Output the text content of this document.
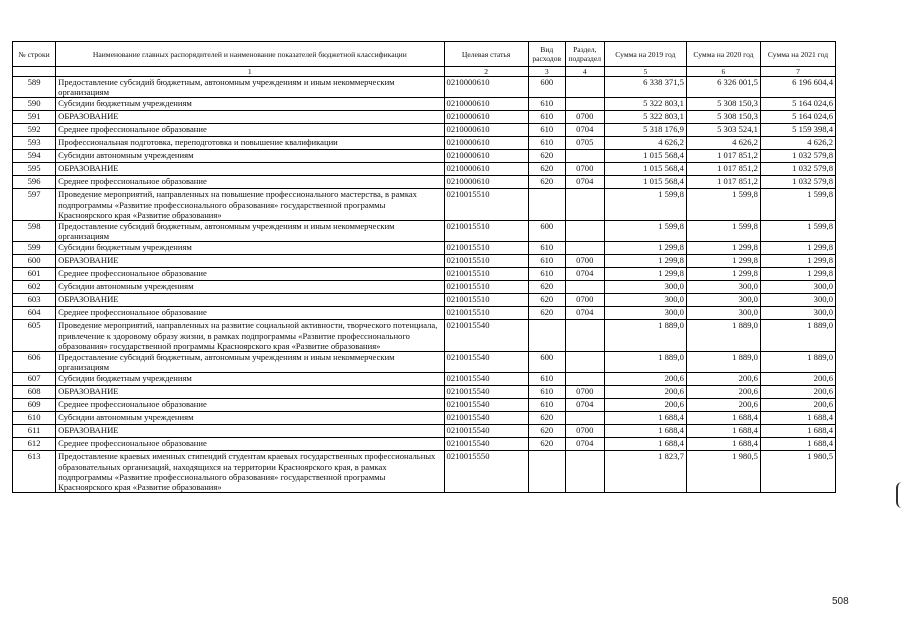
№ строки	Наименование главных распорядителей и наименование показателей бюджетной классификации	Целевая статья	Вид расходов	Раздел, подраздел	Сумма на 2019 год	Сумма на 2020 год	Сумма на 2021 год
	1	2	3	4	5	6	7
589	Предоставление субсидий бюджетным, автономным учреждениям и иным некоммерческим организациям	0210000610	600		6 338 371,5	6 326 001,5	6 196 604,4
590	Субсидии бюджетным учреждениям	0210000610	610		5 322 803,1	5 308 150,3	5 164 024,6
591	ОБРАЗОВАНИЕ	0210000610	610	0700	5 322 803,1	5 308 150,3	5 164 024,6
592	Среднее профессиональное образование	0210000610	610	0704	5 318 176,9	5 303 524,1	5 159 398,4
593	Профессиональная подготовка, переподготовка и повышение квалификации	0210000610	610	0705	4 626,2	4 626,2	4 626,2
594	Субсидии автономным учреждениям	0210000610	620		1 015 568,4	1 017 851,2	1 032 579,8
595	ОБРАЗОВАНИЕ	0210000610	620	0700	1 015 568,4	1 017 851,2	1 032 579,8
596	Среднее профессиональное образование	0210000610	620	0704	1 015 568,4	1 017 851,2	1 032 579,8
597	Проведение мероприятий, направленных на повышение профессионального мастерства, в рамках подпрограммы «Развитие профессионального образования» государственной программы Красноярского края «Развитие образования»	0210015510			1 599,8	1 599,8	1 599,8
598	Предоставление субсидий бюджетным, автономным учреждениям и иным некоммерческим организациям	0210015510	600		1 599,8	1 599,8	1 599,8
599	Субсидии бюджетным учреждениям	0210015510	610		1 299,8	1 299,8	1 299,8
600	ОБРАЗОВАНИЕ	0210015510	610	0700	1 299,8	1 299,8	1 299,8
601	Среднее профессиональное образование	0210015510	610	0704	1 299,8	1 299,8	1 299,8
602	Субсидии автономным учреждениям	0210015510	620		300,0	300,0	300,0
603	ОБРАЗОВАНИЕ	0210015510	620	0700	300,0	300,0	300,0
604	Среднее профессиональное образование	0210015510	620	0704	300,0	300,0	300,0
605	Проведение мероприятий, направленных на развитие социальной активности, творческого потенциала, привлечение к здоровому образу жизни, в рамках подпрограммы «Развитие профессионального образования» государственной программы Красноярского края «Развитие образования»	0210015540			1 889,0	1 889,0	1 889,0
606	Предоставление субсидий бюджетным, автономным учреждениям и иным некоммерческим организациям	0210015540	600		1 889,0	1 889,0	1 889,0
607	Субсидии бюджетным учреждениям	0210015540	610		200,6	200,6	200,6
608	ОБРАЗОВАНИЕ	0210015540	610	0700	200,6	200,6	200,6
609	Среднее профессиональное образование	0210015540	610	0704	200,6	200,6	200,6
610	Субсидии автономным учреждениям	0210015540	620		1 688,4	1 688,4	1 688,4
611	ОБРАЗОВАНИЕ	0210015540	620	0700	1 688,4	1 688,4	1 688,4
612	Среднее профессиональное образование	0210015540	620	0704	1 688,4	1 688,4	1 688,4
613	Предоставление краевых именных стипендий студентам краевых государственных профессиональных образовательных организаций, находящихся на территории Красноярского края, в рамках подпрограммы «Развитие профессионального образования» государственной программы Красноярского края «Развитие образования»	0210015550			1 823,7	1 980,5	1 980,5
508
